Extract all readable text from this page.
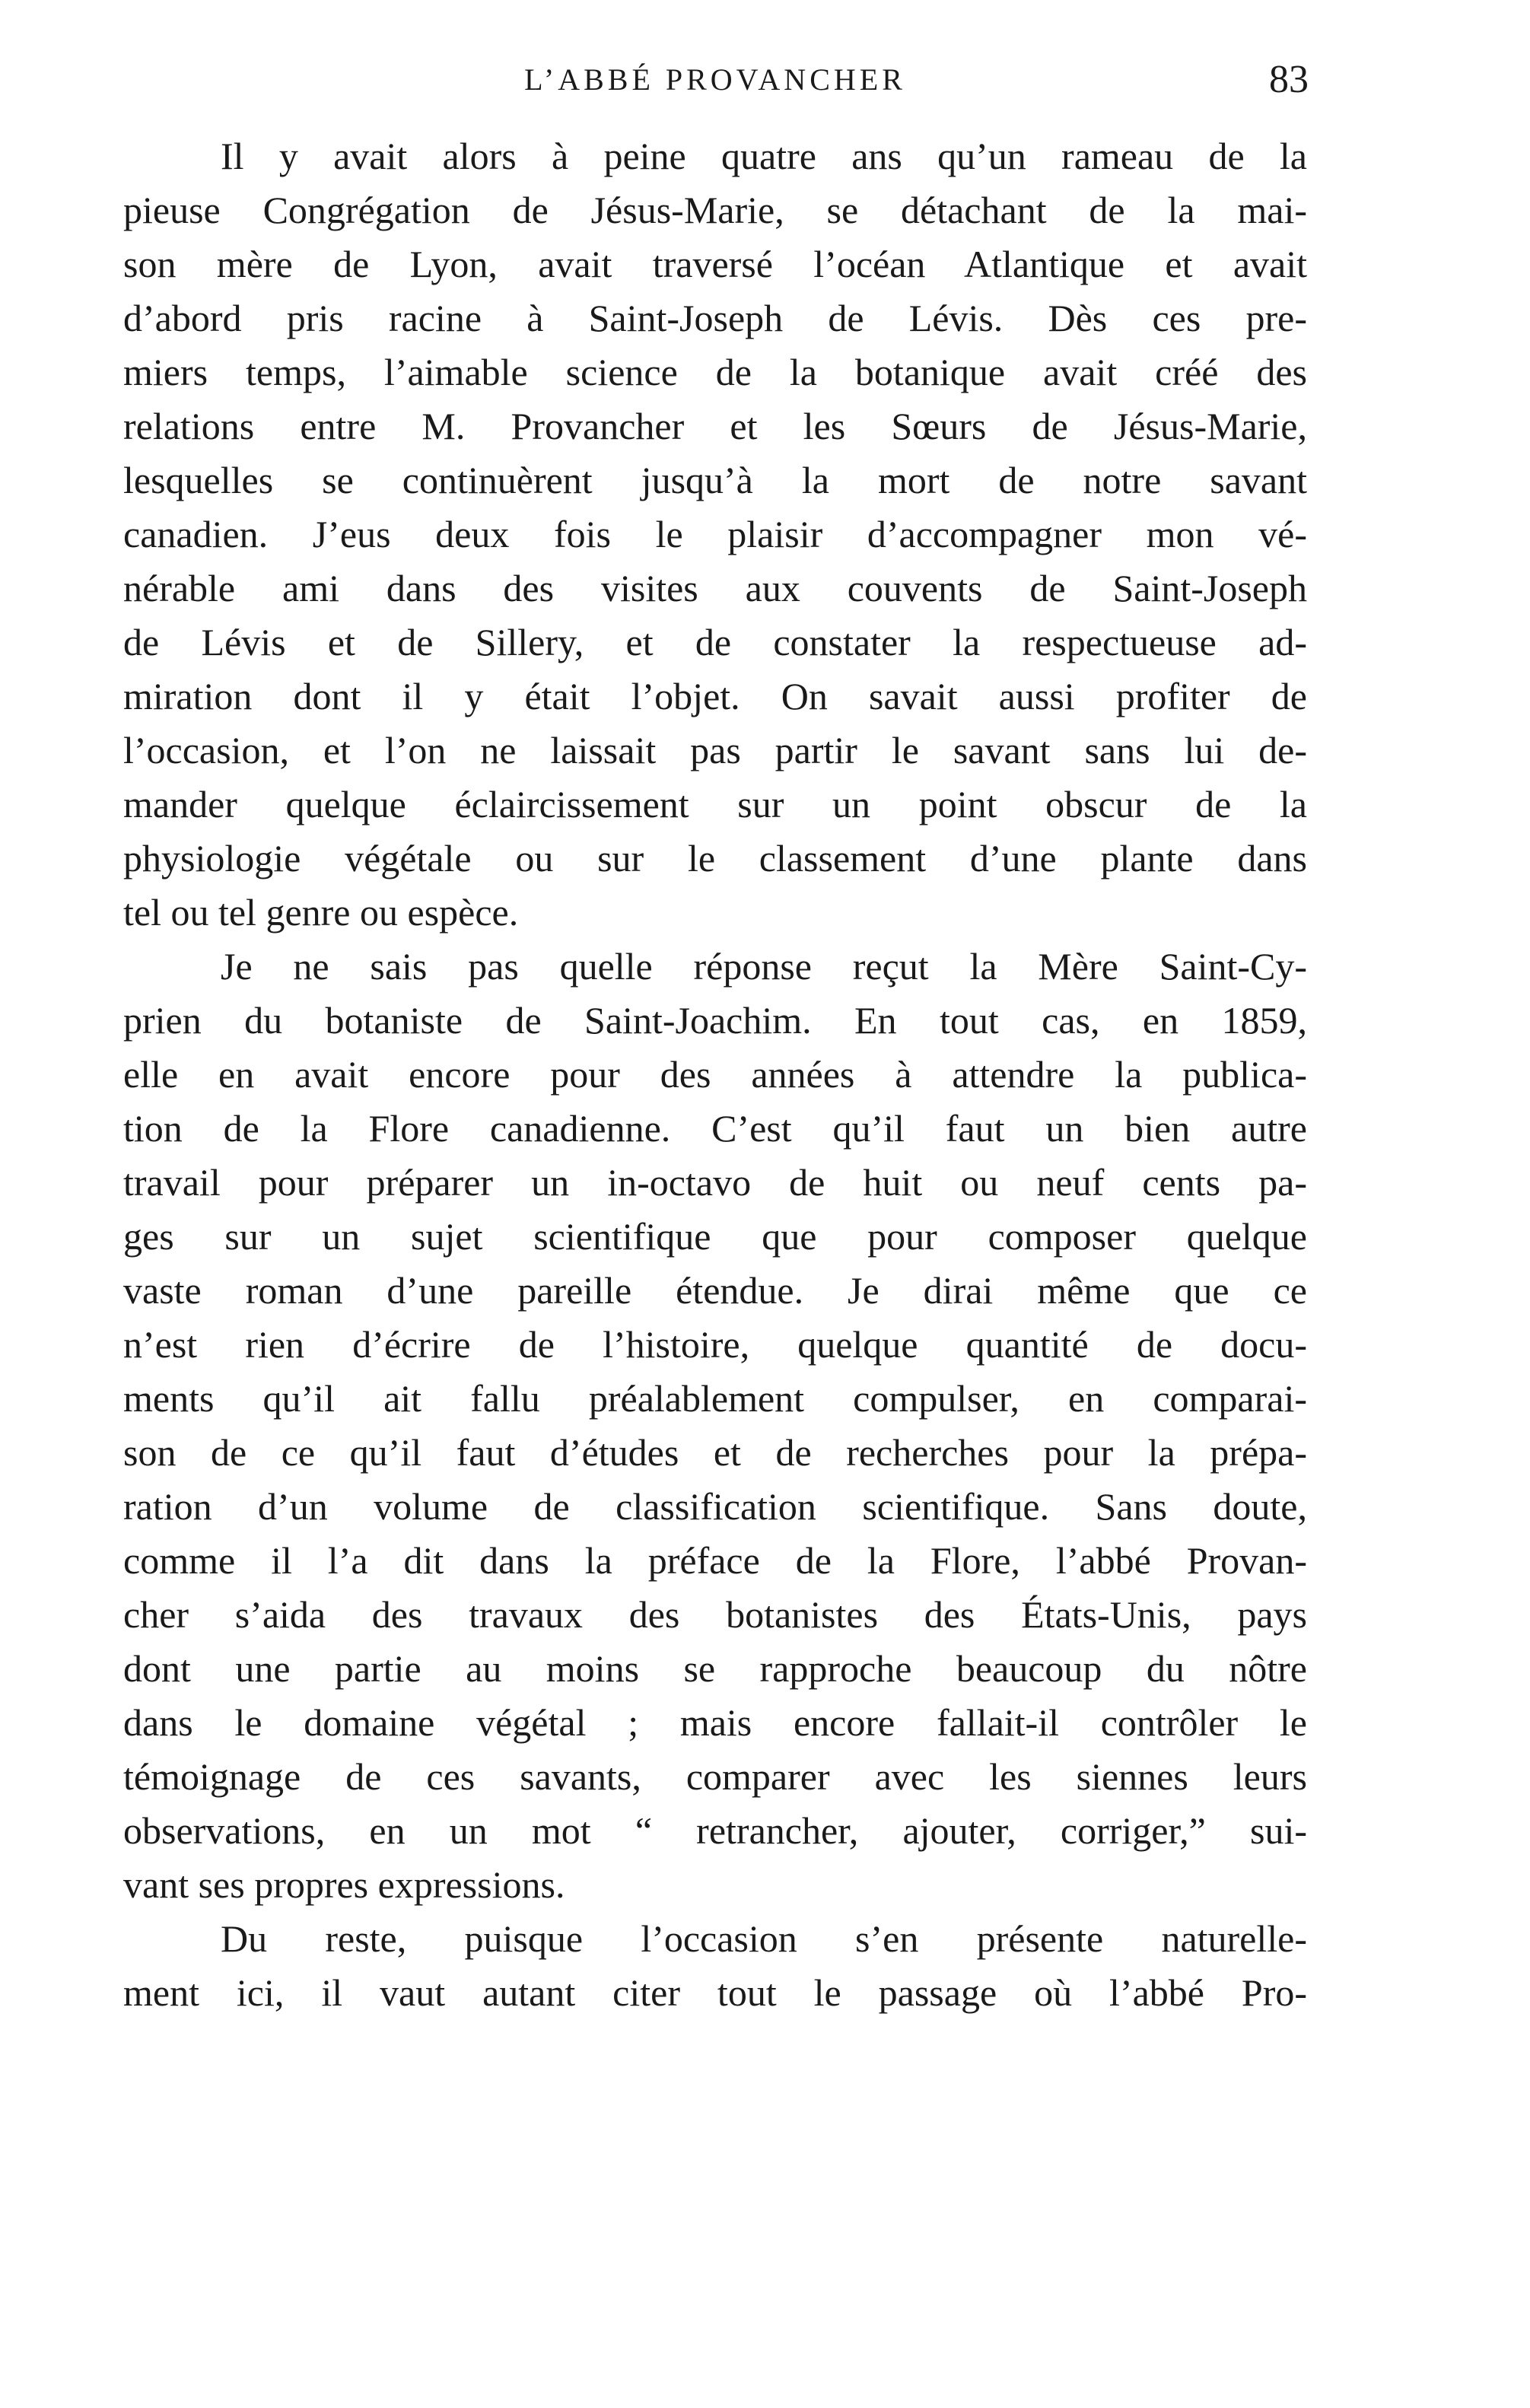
L’ABBÉ PROVANCHER	83
Il y avait alors à peine quatre ans qu’un rameau de la
pieuse Congrégation de Jésus-Marie, se détachant de la mai-
son mère de Lyon, avait traversé l’océan Atlantique et avait
d’abord pris racine à Saint-Joseph de Lévis. Dès ces pre-
miers temps, l’aimable science de la botanique avait créé des
relations entre M. Provancher et les Sœurs de Jésus-Marie,
lesquelles se continuèrent jusqu’à la mort de notre savant
canadien. J’eus deux fois le plaisir d’accompagner mon vé-
nérable ami dans des visites aux couvents de Saint-Joseph
de Lévis et de Sillery, et de constater la respectueuse ad-
miration dont il y était l’objet. On savait aussi profiter de
l’occasion, et l’on ne laissait pas partir le savant sans lui de-
mander quelque éclaircissement sur un point obscur de la
physiologie végétale ou sur le classement d’une plante dans
tel ou tel genre ou espèce.
Je ne sais pas quelle réponse reçut la Mère Saint-Cy-
prien du botaniste de Saint-Joachim. En tout cas, en 1859,
elle en avait encore pour des années à attendre la publica-
tion de la Flore canadienne. C’est qu’il faut un bien autre
travail pour préparer un in-octavo de huit ou neuf cents pa-
ges sur un sujet scientifique que pour composer quelque
vaste roman d’une pareille étendue. Je dirai même que ce
n’est rien d’écrire de l’histoire, quelque quantité de docu-
ments qu’il ait fallu préalablement compulser, en comparai-
son de ce qu’il faut d’études et de recherches pour la prépa-
ration d’un volume de classification scientifique. Sans doute,
comme il l’a dit dans la préface de la Flore, l’abbé Provan-
cher s’aida des travaux des botanistes des États-Unis, pays
dont une partie au moins se rapproche beaucoup du nôtre
dans le domaine végétal ; mais encore fallait-il contrôler le
témoignage de ces savants, comparer avec les siennes leurs
observations, en un mot “ retrancher, ajouter, corriger,” sui-
vant ses propres expressions.
Du reste, puisque l’occasion s’en présente naturelle-
ment ici, il vaut autant citer tout le passage où l’abbé Pro-
